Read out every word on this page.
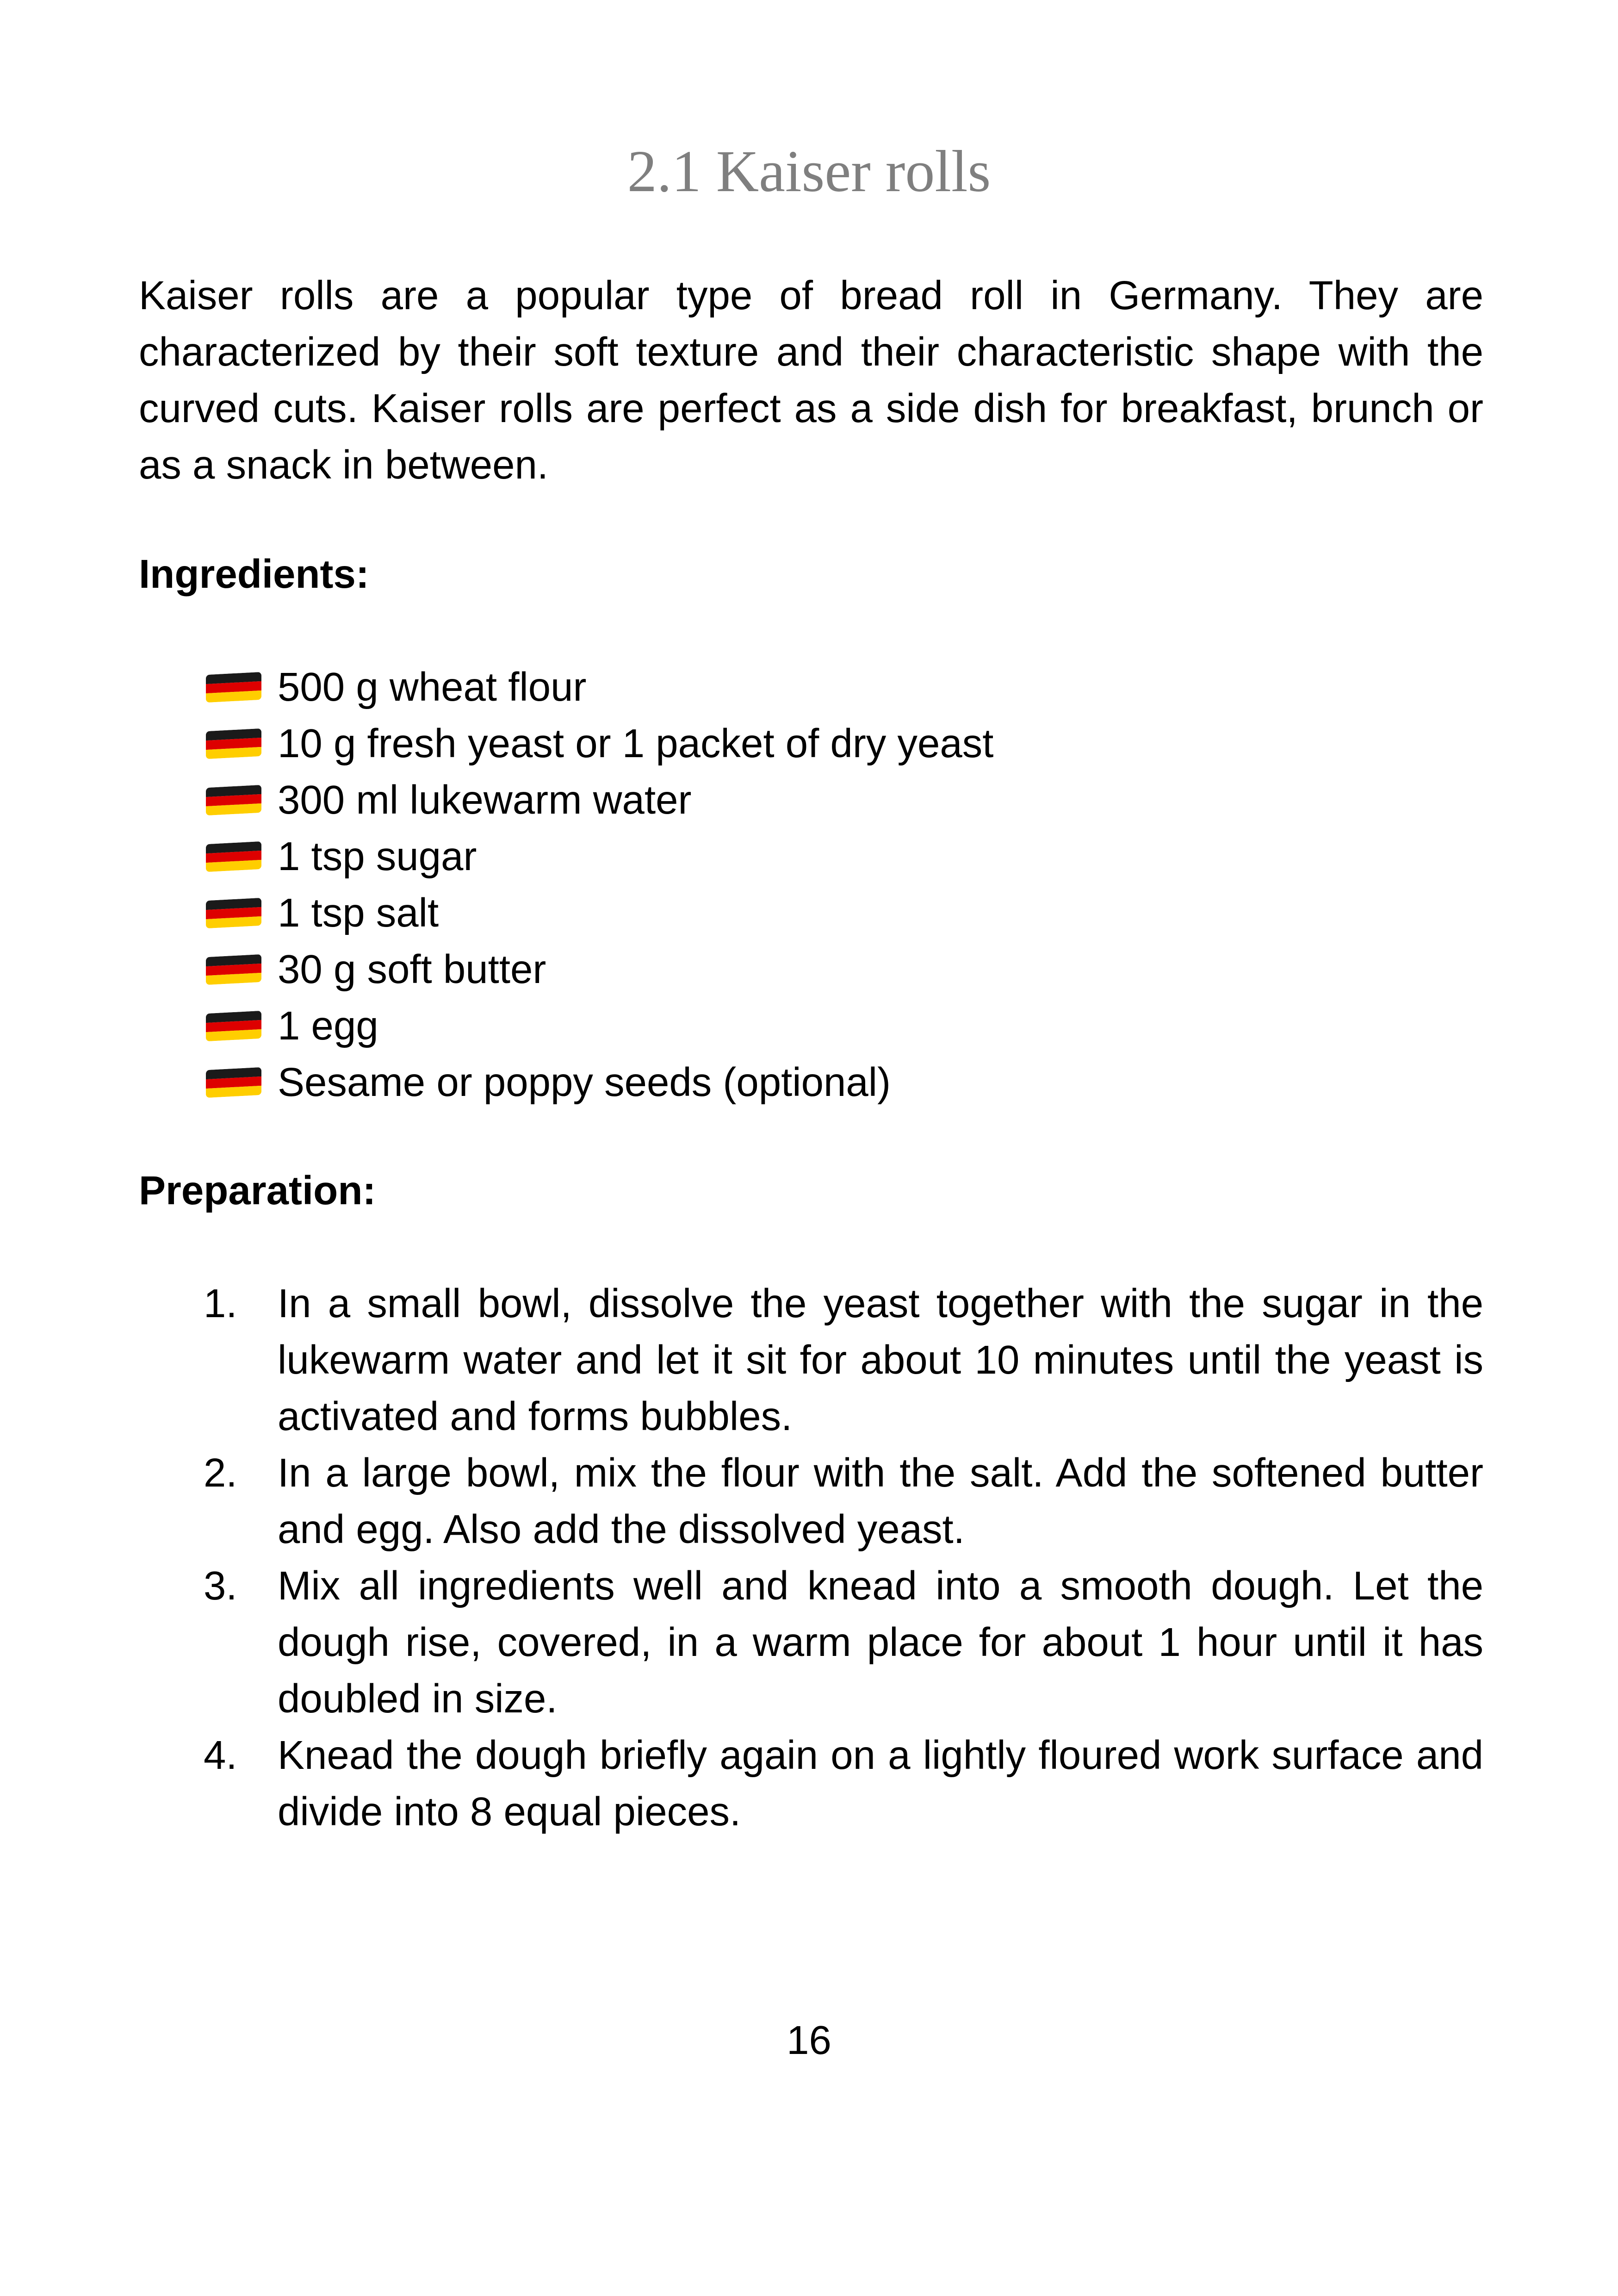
2.1 Kaiser rolls

Kaiser rolls are a popular type of bread roll in Germany. They are characterized by their soft texture and their characteristic shape with the curved cuts. Kaiser rolls are perfect as a side dish for breakfast, brunch or as a snack in between.

Ingredients:
500 g wheat flour
10 g fresh yeast or 1 packet of dry yeast
300 ml lukewarm water
1 tsp sugar
1 tsp salt
30 g soft butter
1 egg
Sesame or poppy seeds (optional)
Preparation:
1.	In a small bowl, dissolve the yeast together with the sugar in the lukewarm water and let it sit for about 10 minutes until the yeast is activated and forms bubbles.
2.	In a large bowl, mix the flour with the salt. Add the softened butter and egg. Also add the dissolved yeast.
3.	Mix all ingredients well and knead into a smooth dough. Let the dough rise, covered, in a warm place for about 1 hour until it has doubled in size.
4.	Knead the dough briefly again on a lightly floured work surface and divide into 8 equal pieces.
16
